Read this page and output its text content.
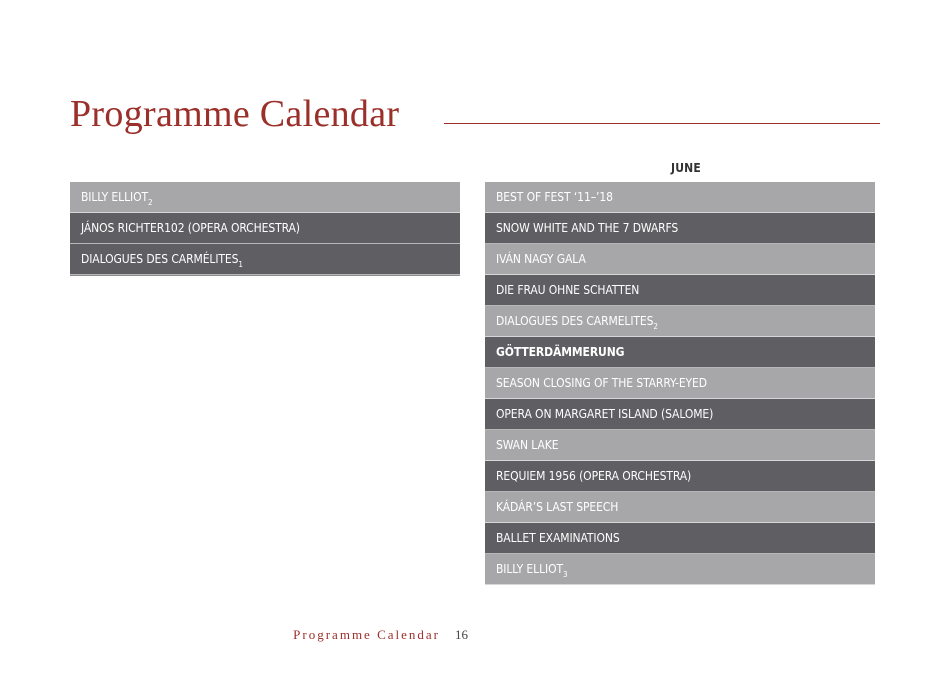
Programme Calendar
JUNE
BILLY $ELLIOT_2$
JÁNOS RICHTER102 (OPERA ORCHESTRA)
DIALOGUES DES $CARMÉLITES_1$
BEST OF FEST ‘11–’18
SNOW WHITE AND THE 7 DWARFS
IVÁN NAGY GALA
DIE FRAU OHNE SCHATTEN
DIALOGUES DES $CARMELITES_2$
GÖTTERDÄMMERUNG
SEASON CLOSING OF THE STARRY-EYED
OPERA ON MARGARET ISLAND (SALOME)
SWAN LAKE
REQUIEM 1956 (OPERA ORCHESTRA)
KÁDÁR’S LAST SPEECH
BALLET EXAMINATIONS
BILLY $ELLIOT_3$
Programme Calendar 16
